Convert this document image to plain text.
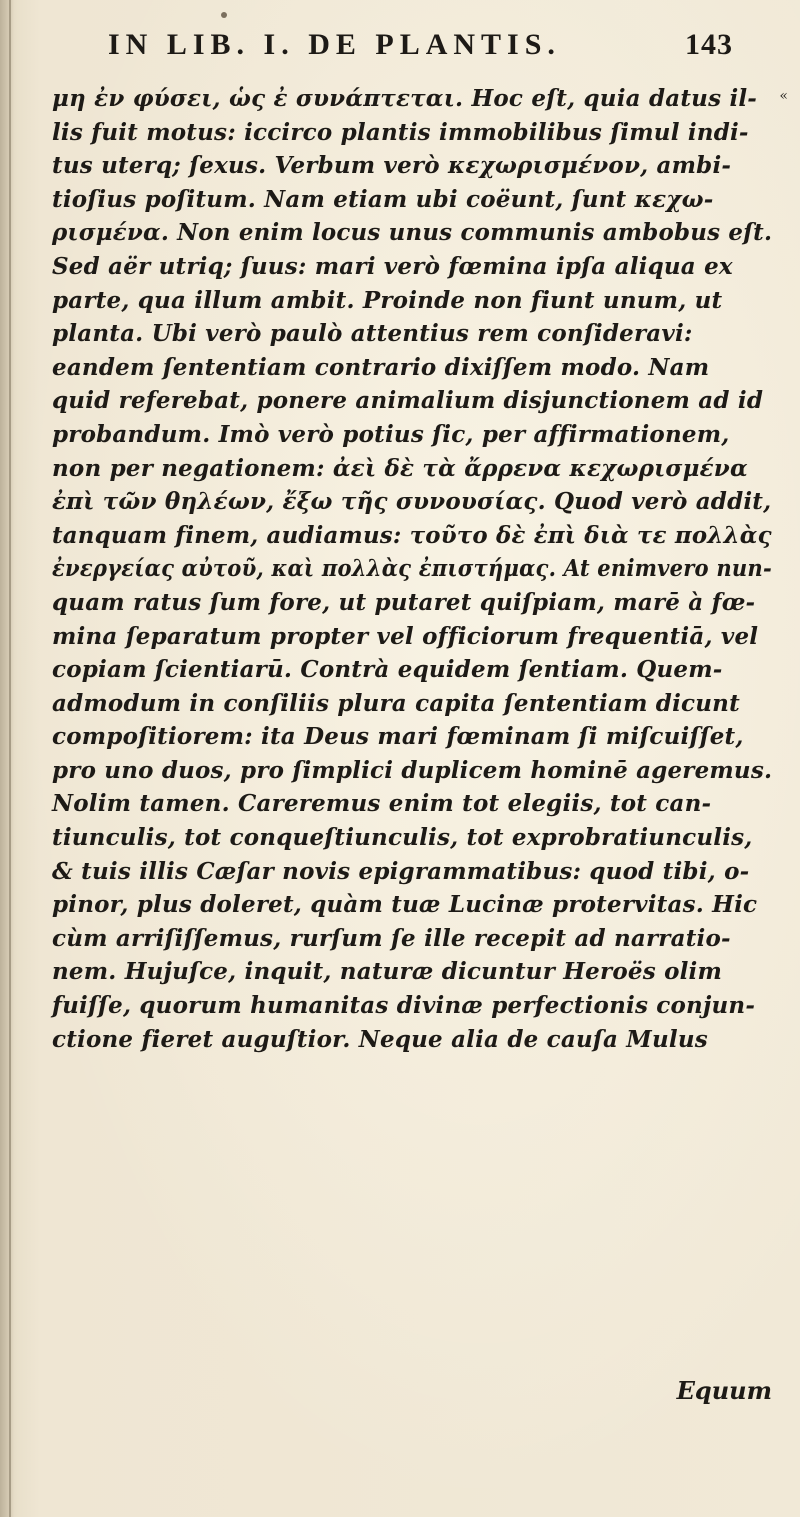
IN LIB. I. DE PLANTIS.	143
«
μη ἐν φύσει, ὡς ἐ συνάπτεται. Hoc eſt, quia datus il-
lis fuit motus: iccirco plantis immobilibus ſimul indi-
tus uterq; ſexus. Verbum verò κεχωρισμένον, ambi-
tioſius poſitum. Nam etiam ubi coëunt, ſunt κεχω-
ρισμένα. Non enim locus unus communis ambobus eſt.
Sed aër utriq; ſuus: mari verò fœmina ipſa aliqua ex
parte, qua illum ambit. Proinde non fiunt unum, ut
planta. Ubi verò paulò attentius rem conſideravi:
eandem ſententiam contrario dixiſſem modo. Nam
quid referebat, ponere animalium disjunctionem ad id
probandum. Imò verò potius ſic, per affirmationem,
non per negationem: ἀεὶ δὲ τὰ ἄρρενα κεχωρισμένα
ἐπὶ τῶν θηλέων, ἔξω τῆς συνουσίας. Quod verò addit,
tanquam finem, audiamus: τοῦτο δὲ ἐπὶ διὰ τε πολλὰς
ἐνεργείας αὐτοῦ, καὶ πολλὰς ἐπιστήμας. At enimvero nun-
quam ratus ſum fore, ut putaret quiſpiam, marē à fœ-
mina ſeparatum propter vel officiorum frequentiā, vel
copiam ſcientiarū. Contrà equidem ſentiam. Quem-
admodum in conſiliis plura capita ſententiam dicunt
compoſitiorem: ita Deus mari fœminam ſi miſcuiſſet,
pro uno duos, pro ſimplici duplicem hominē ageremus.
Nolim tamen. Careremus enim tot elegiis, tot can-
tiunculis, tot conqueſtiunculis, tot exprobratiunculis,
& tuis illis Cæſar novis epigrammatibus: quod tibi, o-
pinor, plus doleret, quàm tuæ Lucinæ protervitas. Hic
cùm arriſiſſemus, rurſum ſe ille recepit ad narratio-
nem. Hujuſce, inquit, naturæ dicuntur Heroës olim
fuiſſe, quorum humanitas divinæ perfectionis conjun-
ctione fieret auguſtior. Neque alia de cauſa Mulus
Equum
